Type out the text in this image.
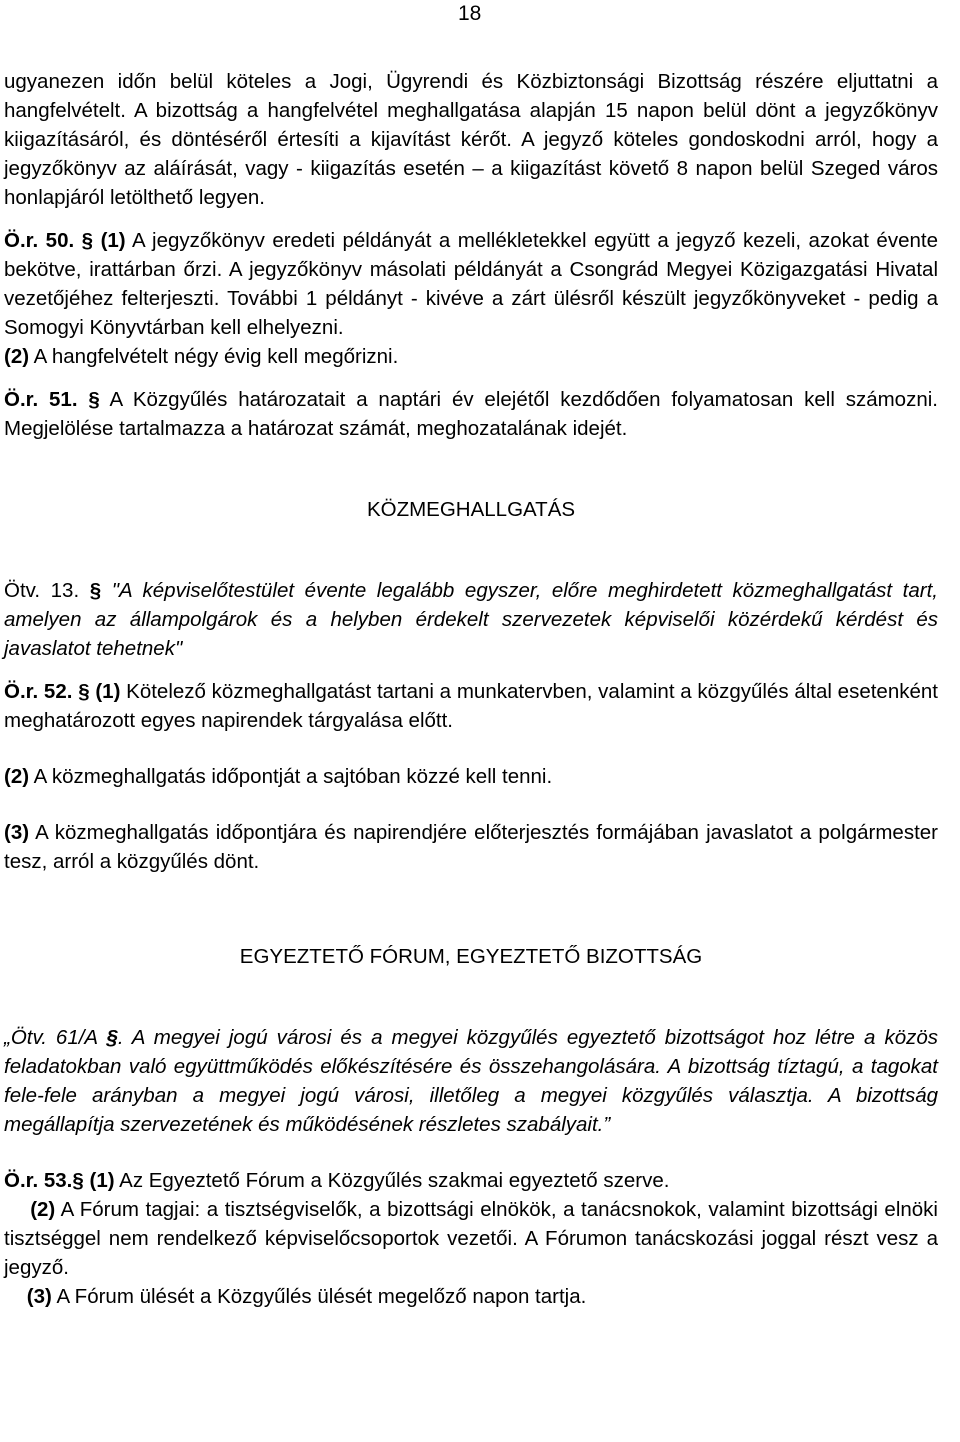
18

ugyanezen időn belül köteles a Jogi, Ügyrendi és Közbiztonsági Bizottság részére eljuttatni a hangfelvételt. A bizottság a hangfelvétel meghallgatása alapján 15 napon belül dönt a jegyzőkönyv kiigazításáról, és döntéséről értesíti a kijavítást kérőt. A jegyző köteles gondoskodni arról, hogy a jegyzőkönyv az aláírását, vagy - kiigazítás esetén – a kiigazítást követő 8 napon belül Szeged város honlapjáról letölthető legyen.

Ö.r. 50. § (1) A jegyzőkönyv eredeti példányát a mellékletekkel együtt a jegyző kezeli, azokat évente bekötve, irattárban őrzi. A jegyzőkönyv másolati példányát a Csongrád Megyei Közigazgatási Hivatal vezetőjéhez felterjeszti. További 1 példányt - kivéve a zárt ülésről készült jegyzőkönyveket - pedig a Somogyi Könyvtárban kell elhelyezni.

(2) A hangfelvételt négy évig kell megőrizni.

Ö.r. 51. § A Közgyűlés határozatait a naptári év elejétől kezdődően folyamatosan kell számozni. Megjelölése tartalmazza a határozat számát, meghozatalának idejét.

KÖZMEGHALLGATÁS

Ötv. 13. § "A képviselőtestület évente legalább egyszer, előre meghirdetett közmeghallgatást tart, amelyen az állampolgárok és a helyben érdekelt szervezetek képviselői közérdekű kérdést és javaslatot tehetnek"

Ö.r. 52. § (1) Kötelező közmeghallgatást tartani a munkatervben, valamint a közgyűlés által esetenként meghatározott egyes napirendek tárgyalása előtt.

(2) A közmeghallgatás időpontját a sajtóban közzé kell tenni.

(3) A közmeghallgatás időpontjára és napirendjére előterjesztés formájában javaslatot a polgármester tesz, arról a közgyűlés dönt.

EGYEZTETŐ FÓRUM, EGYEZTETŐ BIZOTTSÁG

„Ötv. 61/A §. A megyei jogú városi és a megyei közgyűlés egyeztető bizottságot hoz létre a közös feladatokban való együttműködés előkészítésére és összehangolására. A bizottság tíztagú, a tagokat fele-fele arányban a megyei jogú városi, illetőleg a megyei közgyűlés választja. A bizottság megállapítja szervezetének és működésének részletes szabályait.”

Ö.r. 53.§ (1) Az Egyeztető Fórum a Közgyűlés szakmai egyeztető szerve.

(2) A Fórum tagjai: a tisztségviselők, a bizottsági elnökök, a tanácsnokok, valamint bizottsági elnöki tisztséggel nem rendelkező képviselőcsoportok vezetői. A Fórumon tanácskozási joggal részt vesz a jegyző.

(3) A Fórum ülését a Közgyűlés ülését megelőző napon tartja.
